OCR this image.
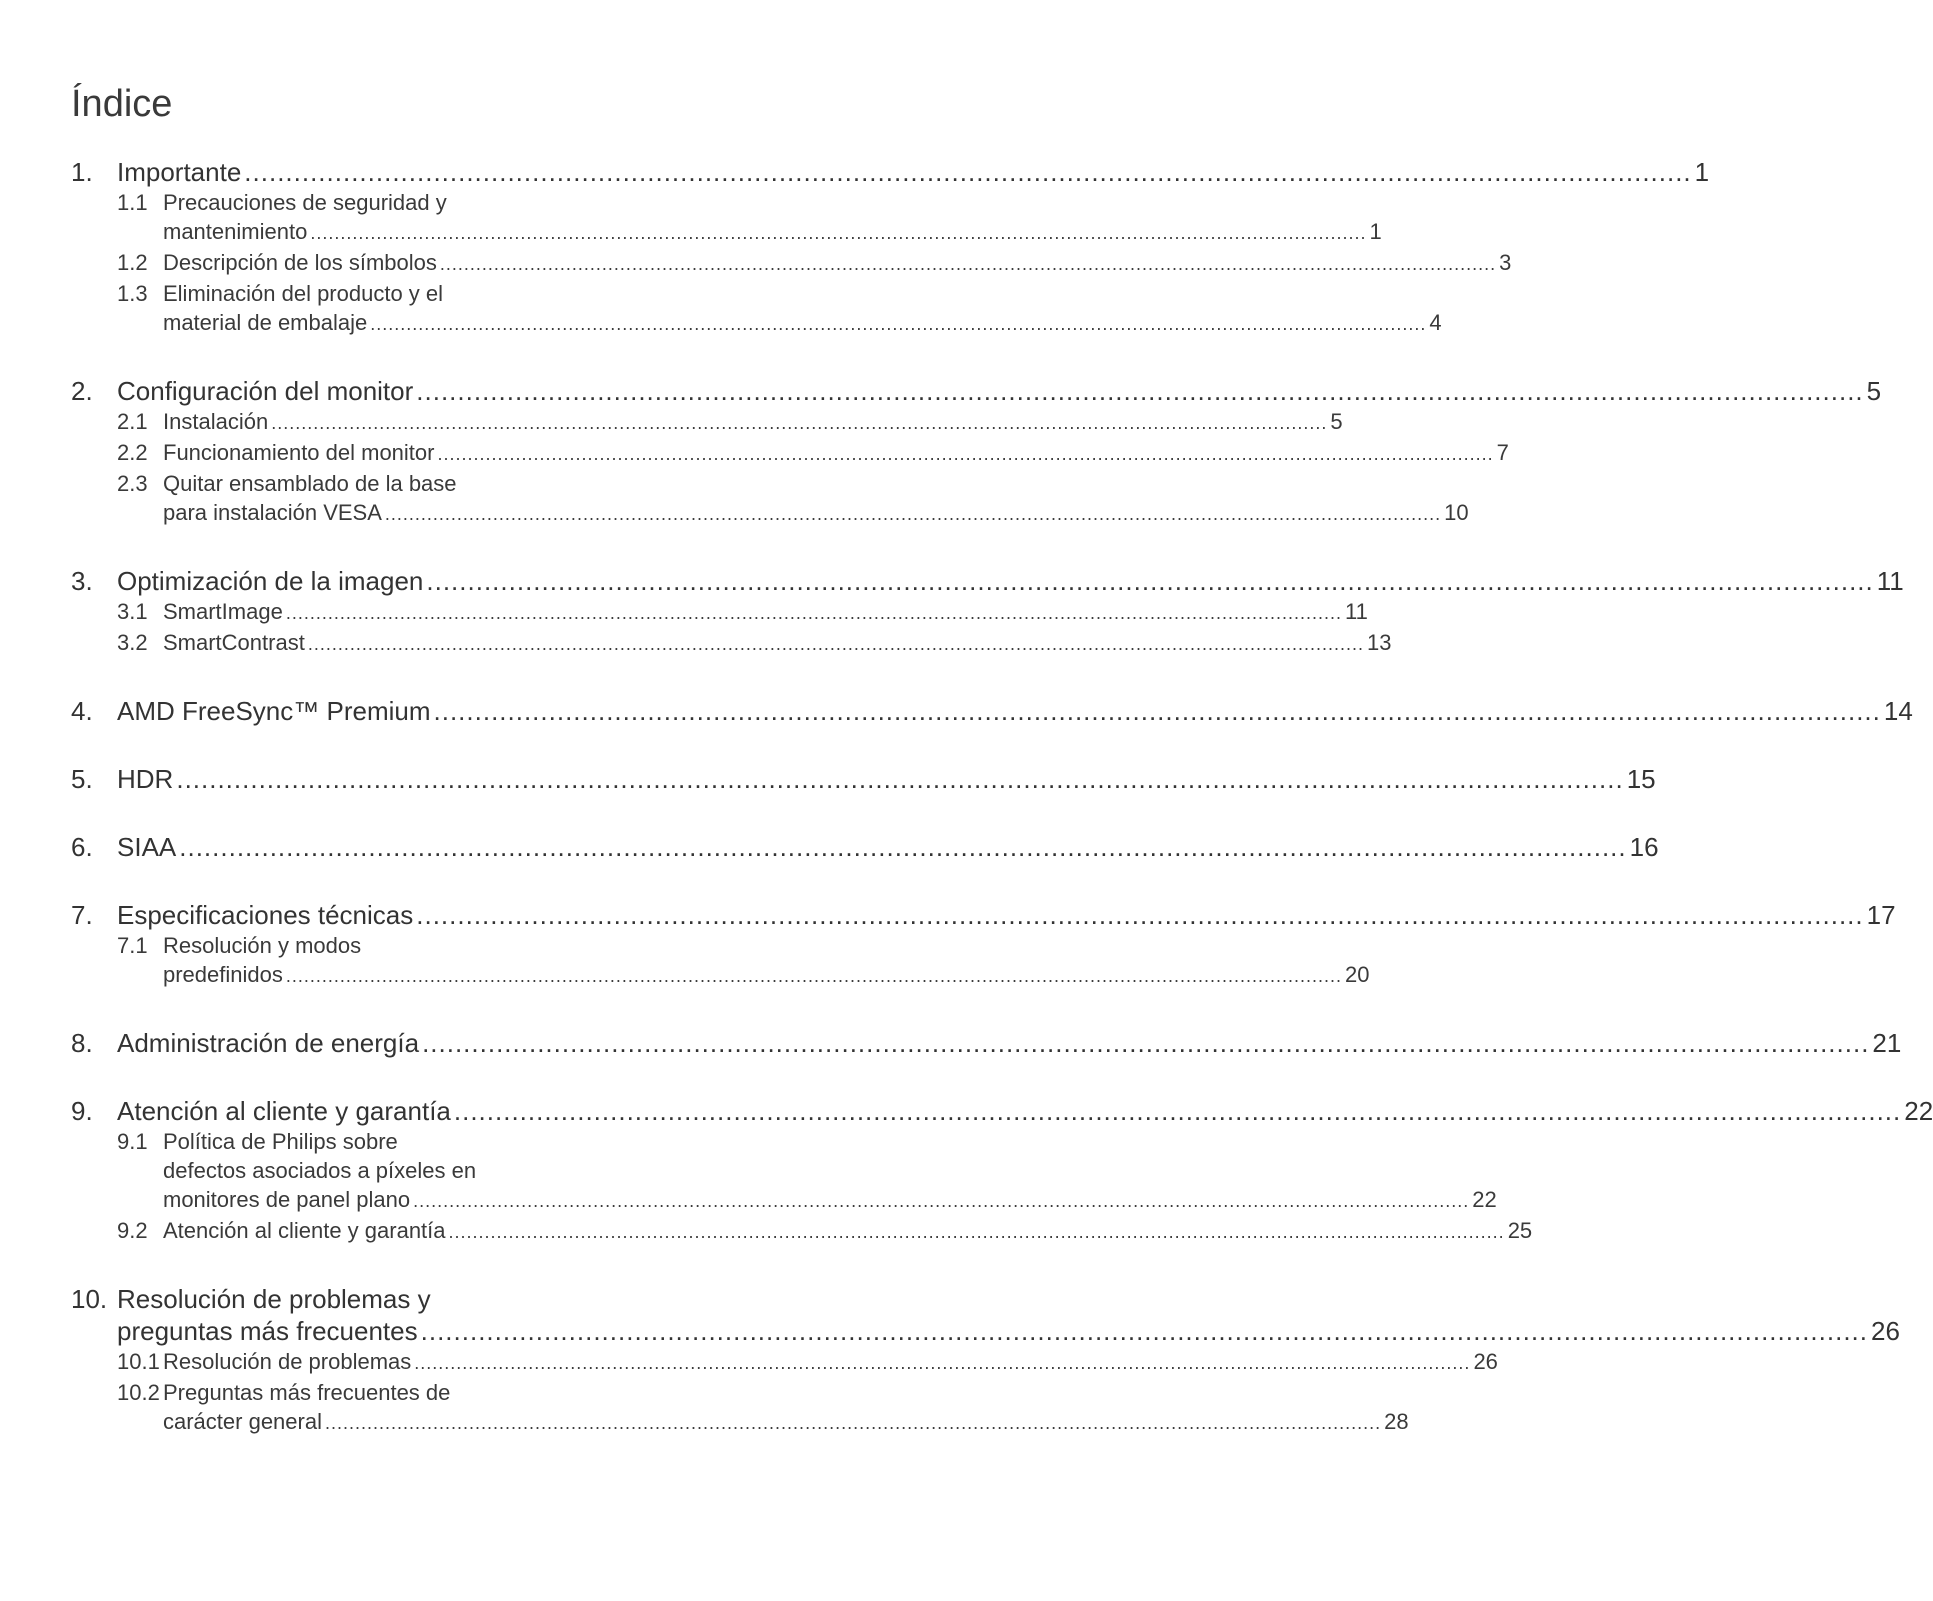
Índice
1. Importante .....	1
1.1 Precauciones de seguridad y
mantenimiento .....	1
1.2 Descripción de los símbolos .....	3
1.3 Eliminación del producto y el
material de embalaje .....	4
2. Configuración del monitor .....	5
2.1 Instalación .....	5
2.2 Funcionamiento del monitor .....	7
2.3 Quitar ensamblado de la base
para instalación VESA .....	10
3. Optimización de la imagen .....	11
3.1 SmartImage .....	11
3.2 SmartContrast .....	13
4. AMD FreeSync™ Premium .....	14
5. HDR .....	15
6. SIAA .....	16
7. Especificaciones técnicas .....	17
7.1 Resolución y modos
predefinidos .....	20
8. Administración de energía .....	21
9. Atención al cliente y garantía .....	22
9.1 Política de Philips sobre
defectos asociados a píxeles en
monitores de panel plano .....	22
9.2 Atención al cliente y garantía .....	25
10. Resolución de problemas y
preguntas más frecuentes .....	26
10.1 Resolución de problemas .....	26
10.2 Preguntas más frecuentes de
carácter general .....	28
